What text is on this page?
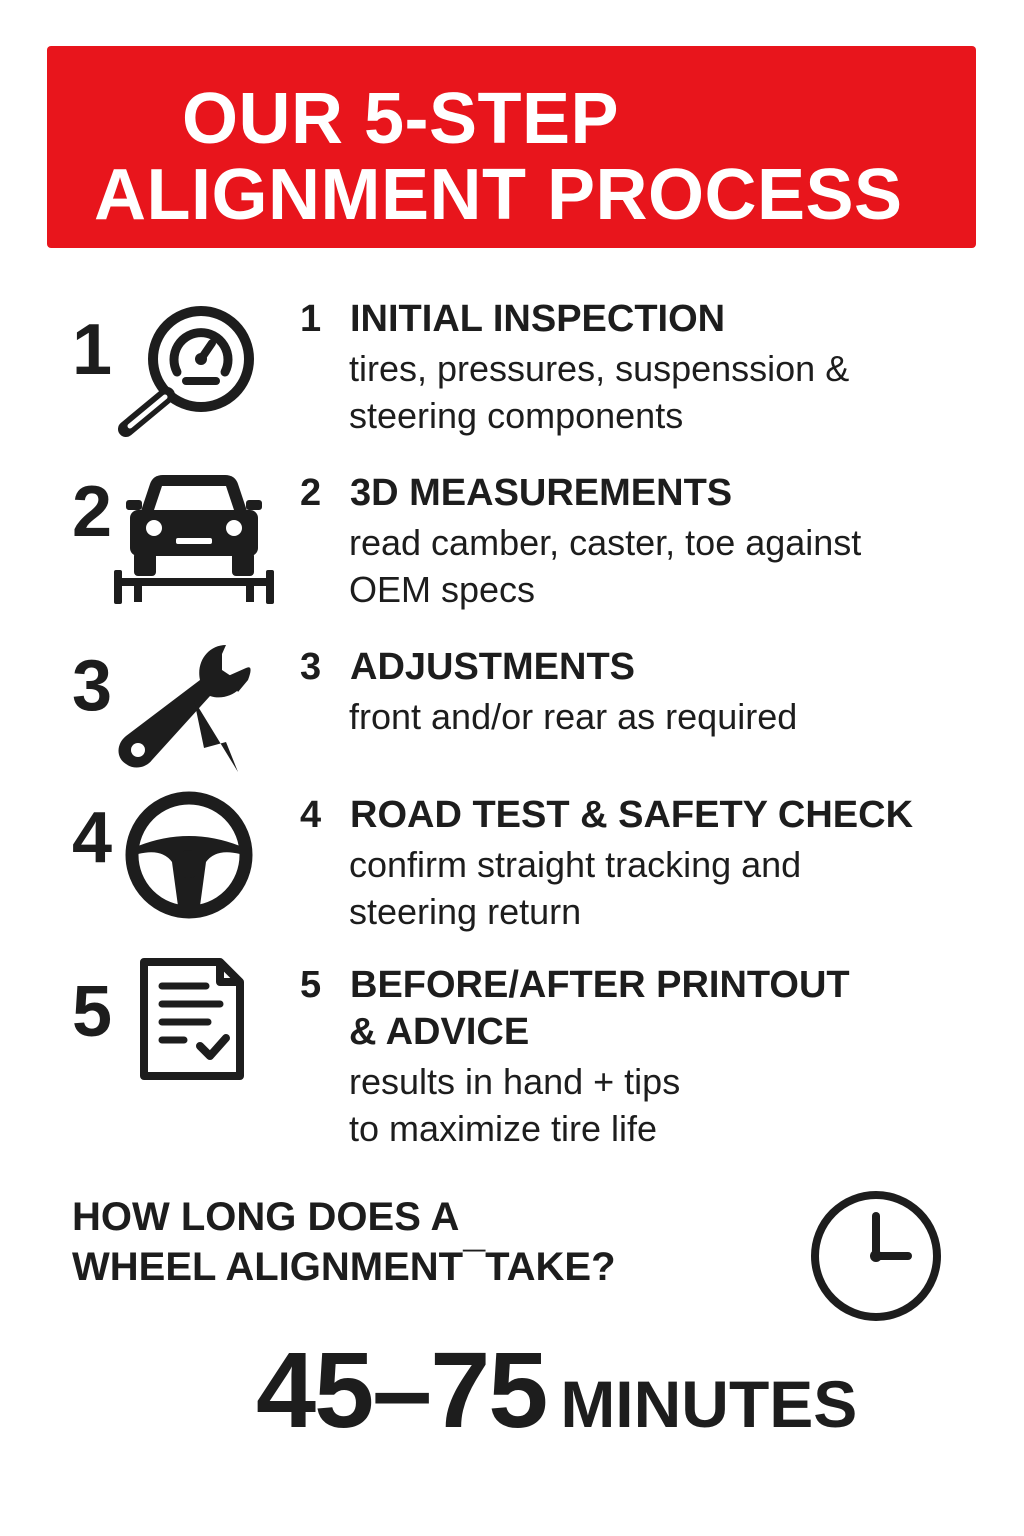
OUR 5-STEP
ALIGNMENT PROCESS
1	1 INITIAL INSPECTION
tires, pressures, suspenssion &
steering components
2	2 3D MEASUREMENTS
read camber, caster, toe against
OEM specs
3	3 ADJUSTMENTS
front and/or rear as required
4	4 ROAD TEST & SAFETY CHECK
confirm straight tracking and
steering return
5	5 BEFORE/AFTER PRINTOUT
& ADVICE
results in hand + tips
to maximize tire life
HOW LONG DOES A
WHEEL ALIGNMENT¯TAKE?
45–75 MINUTES
